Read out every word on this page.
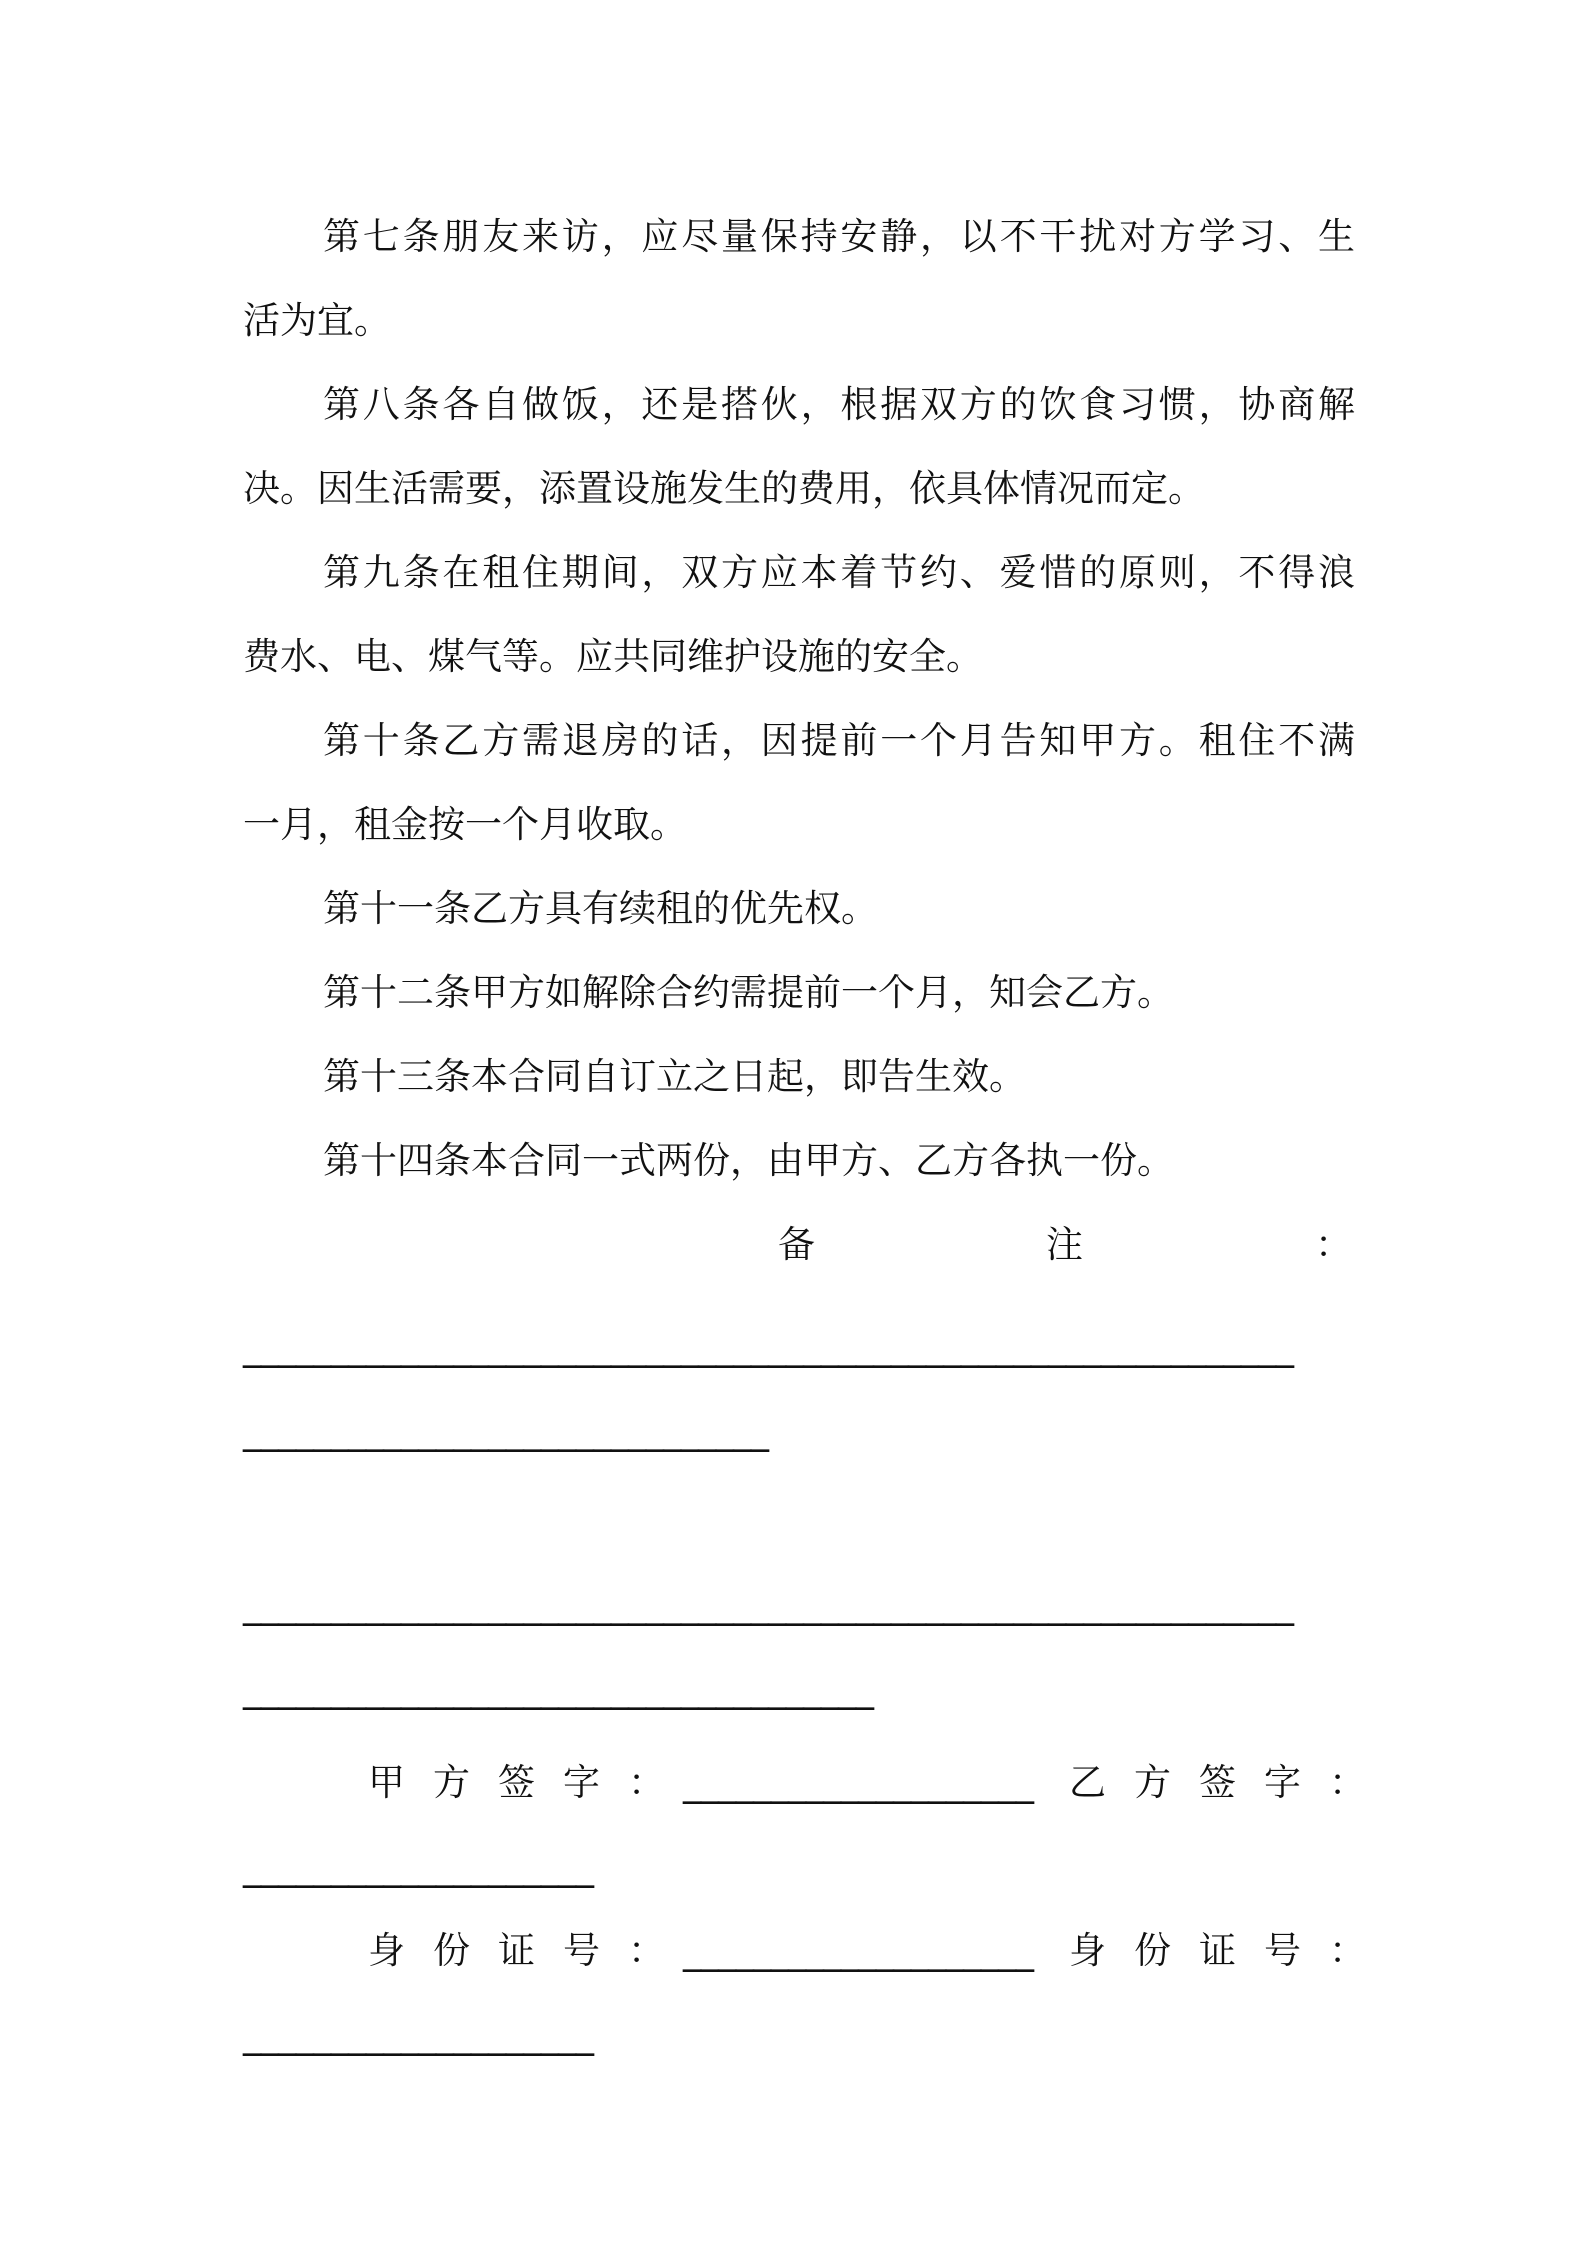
第七条朋友来访，应尽量保持安静，以不干扰对方学习、生
活为宜。
第八条各自做饭，还是搭伙，根据双方的饮食习惯，协商解
决。因生活需要，添置设施发生的费用，依具体情况而定。
第九条在租住期间，双方应本着节约、爱惜的原则，不得浪
费水、电、煤气等。应共同维护设施的安全。
第十条乙方需退房的话，因提前一个月告知甲方。租住不满
一月，租金按一个月收取。
第十一条乙方具有续租的优先权。
第十二条甲方如解除合约需提前一个月，知会乙方。
第十三条本合同自订立之日起，即告生效。
第十四条本合同一式两份，由甲方、乙方各执一份。
备	注	：
____________________________________________________________
______________________________
____________________________________________________________
____________________________________
甲方签字：
____________________ 乙方签字：
____________________
身份证号：
____________________ 身份证号：
____________________
